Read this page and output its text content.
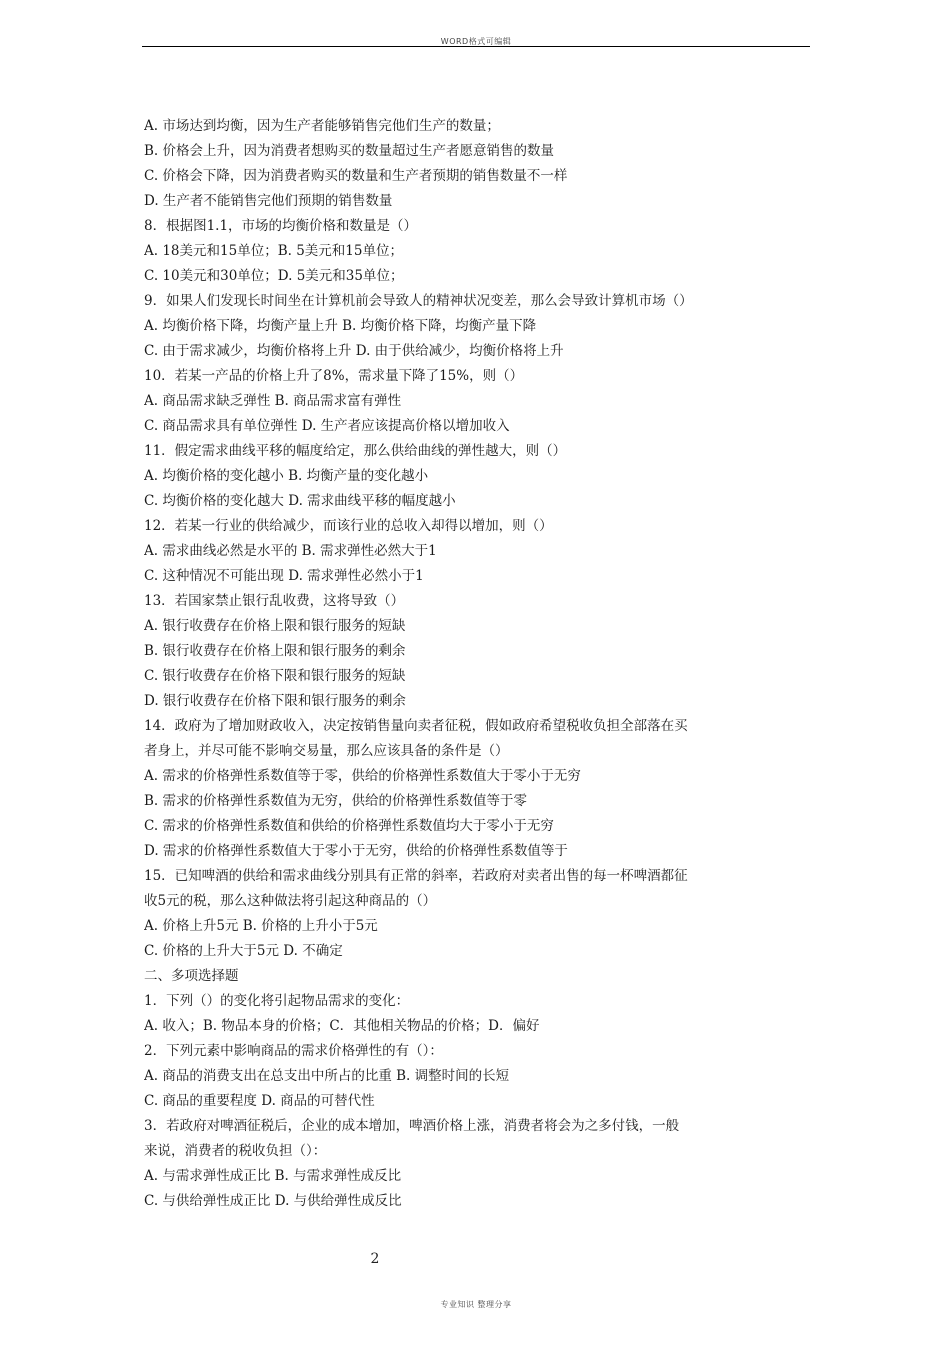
WORD格式可编辑
A. 市场达到均衡，因为生产者能够销售完他们生产的数量；
B. 价格会上升，因为消费者想购买的数量超过生产者愿意销售的数量
C. 价格会下降，因为消费者购买的数量和生产者预期的销售数量不一样
D. 生产者不能销售完他们预期的销售数量
8．根据图1.1，市场的均衡价格和数量是（）
A. 18美元和15单位；B. 5美元和15单位；
C. 10美元和30单位；D. 5美元和35单位；
9．如果人们发现长时间坐在计算机前会导致人的精神状况变差，那么会导致计算机市场（）
A. 均衡价格下降，均衡产量上升 B. 均衡价格下降，均衡产量下降
C. 由于需求减少，均衡价格将上升 D. 由于供给减少，均衡价格将上升
10．若某一产品的价格上升了8%，需求量下降了15%，则（）
A. 商品需求缺乏弹性 B. 商品需求富有弹性
C. 商品需求具有单位弹性 D. 生产者应该提高价格以增加收入
11．假定需求曲线平移的幅度给定，那么供给曲线的弹性越大，则（）
A. 均衡价格的变化越小 B. 均衡产量的变化越小
C. 均衡价格的变化越大 D. 需求曲线平移的幅度越小
12．若某一行业的供给减少，而该行业的总收入却得以增加，则（）
A. 需求曲线必然是水平的 B. 需求弹性必然大于1
C. 这种情况不可能出现 D. 需求弹性必然小于1
13．若国家禁止银行乱收费，这将导致（）
A. 银行收费存在价格上限和银行服务的短缺
B. 银行收费存在价格上限和银行服务的剩余
C. 银行收费存在价格下限和银行服务的短缺
D. 银行收费存在价格下限和银行服务的剩余
14．政府为了增加财政收入，决定按销售量向卖者征税，假如政府希望税收负担全部落在买
者身上，并尽可能不影响交易量，那么应该具备的条件是（）
A. 需求的价格弹性系数值等于零，供给的价格弹性系数值大于零小于无穷
B. 需求的价格弹性系数值为无穷，供给的价格弹性系数值等于零
C. 需求的价格弹性系数值和供给的价格弹性系数值均大于零小于无穷
D. 需求的价格弹性系数值大于零小于无穷，供给的价格弹性系数值等于
15．已知啤酒的供给和需求曲线分别具有正常的斜率，若政府对卖者出售的每一杯啤酒都征
收5元的税，那么这种做法将引起这种商品的（）
A. 价格上升5元 B. 价格的上升小于5元
C. 价格的上升大于5元 D. 不确定
二、多项选择题
1．下列（）的变化将引起物品需求的变化：
A. 收入；B. 物品本身的价格；C．其他相关物品的价格；D．偏好
2．下列元素中影响商品的需求价格弹性的有（）：
A. 商品的消费支出在总支出中所占的比重 B. 调整时间的长短
C. 商品的重要程度 D. 商品的可替代性
3．若政府对啤酒征税后，企业的成本增加，啤酒价格上涨，消费者将会为之多付钱，一般
来说，消费者的税收负担（）：
A. 与需求弹性成正比 B. 与需求弹性成反比
C. 与供给弹性成正比 D. 与供给弹性成反比
2
专业知识 整理分享
